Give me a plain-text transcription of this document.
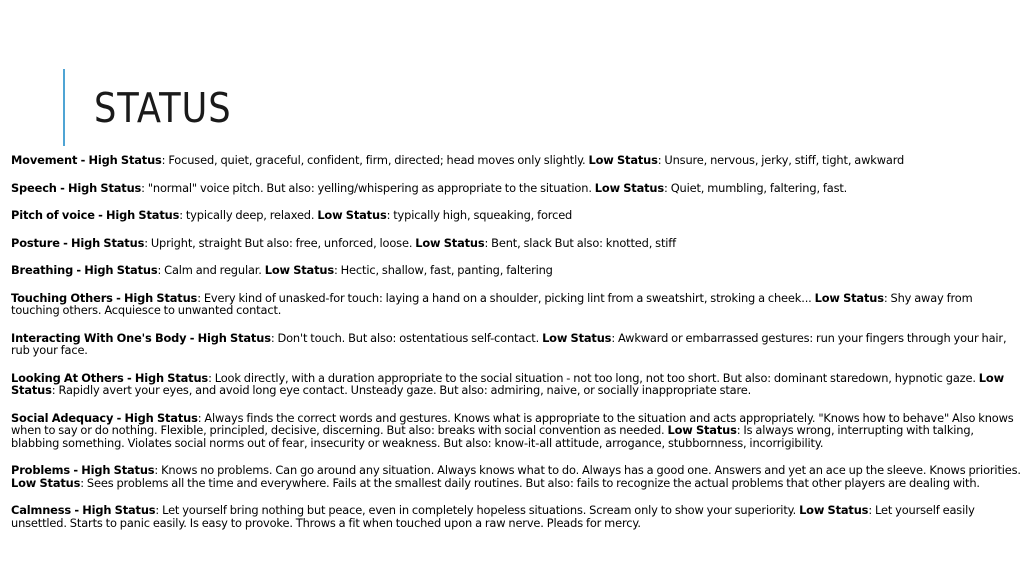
STATUS

Movement - High Status: Focused, quiet, graceful, confident, firm, directed; head moves only slightly. Low Status: Unsure, nervous, jerky, stiff, tight, awkward

Speech - High Status: "normal" voice pitch. But also: yelling/whispering as appropriate to the situation. Low Status: Quiet, mumbling, faltering, fast.

Pitch of voice - High Status: typically deep, relaxed. Low Status: typically high, squeaking, forced

Posture - High Status: Upright, straight But also: free, unforced, loose. Low Status: Bent, slack But also: knotted, stiff

Breathing - High Status: Calm and regular. Low Status: Hectic, shallow, fast, panting, faltering

Touching Others - High Status: Every kind of unasked-for touch: laying a hand on a shoulder, picking lint from a sweatshirt, stroking a cheek... Low Status: Shy away from touching others. Acquiesce to unwanted contact.

Interacting With One's Body - High Status: Don't touch. But also: ostentatious self-contact. Low Status: Awkward or embarrassed gestures: run your fingers through your hair, rub your face.

Looking At Others - High Status: Look directly, with a duration appropriate to the social situation - not too long, not too short. But also: dominant staredown, hypnotic gaze. Low Status: Rapidly avert your eyes, and avoid long eye contact. Unsteady gaze. But also: admiring, naive, or socially inappropriate stare.

Social Adequacy - High Status: Always finds the correct words and gestures. Knows what is appropriate to the situation and acts appropriately. "Knows how to behave" Also knows when to say or do nothing. Flexible, principled, decisive, discerning. But also: breaks with social convention as needed. Low Status: Is always wrong, interrupting with talking, blabbing something. Violates social norms out of fear, insecurity or weakness. But also: know-it-all attitude, arrogance, stubbornness, incorrigibility.

Problems - High Status: Knows no problems. Can go around any situation. Always knows what to do. Always has a good one. Answers and yet an ace up the sleeve. Knows priorities. Low Status: Sees problems all the time and everywhere. Fails at the smallest daily routines. But also: fails to recognize the actual problems that other players are dealing with.

Calmness - High Status: Let yourself bring nothing but peace, even in completely hopeless situations. Scream only to show your superiority. Low Status: Let yourself easily unsettled. Starts to panic easily. Is easy to provoke. Throws a fit when touched upon a raw nerve. Pleads for mercy.
